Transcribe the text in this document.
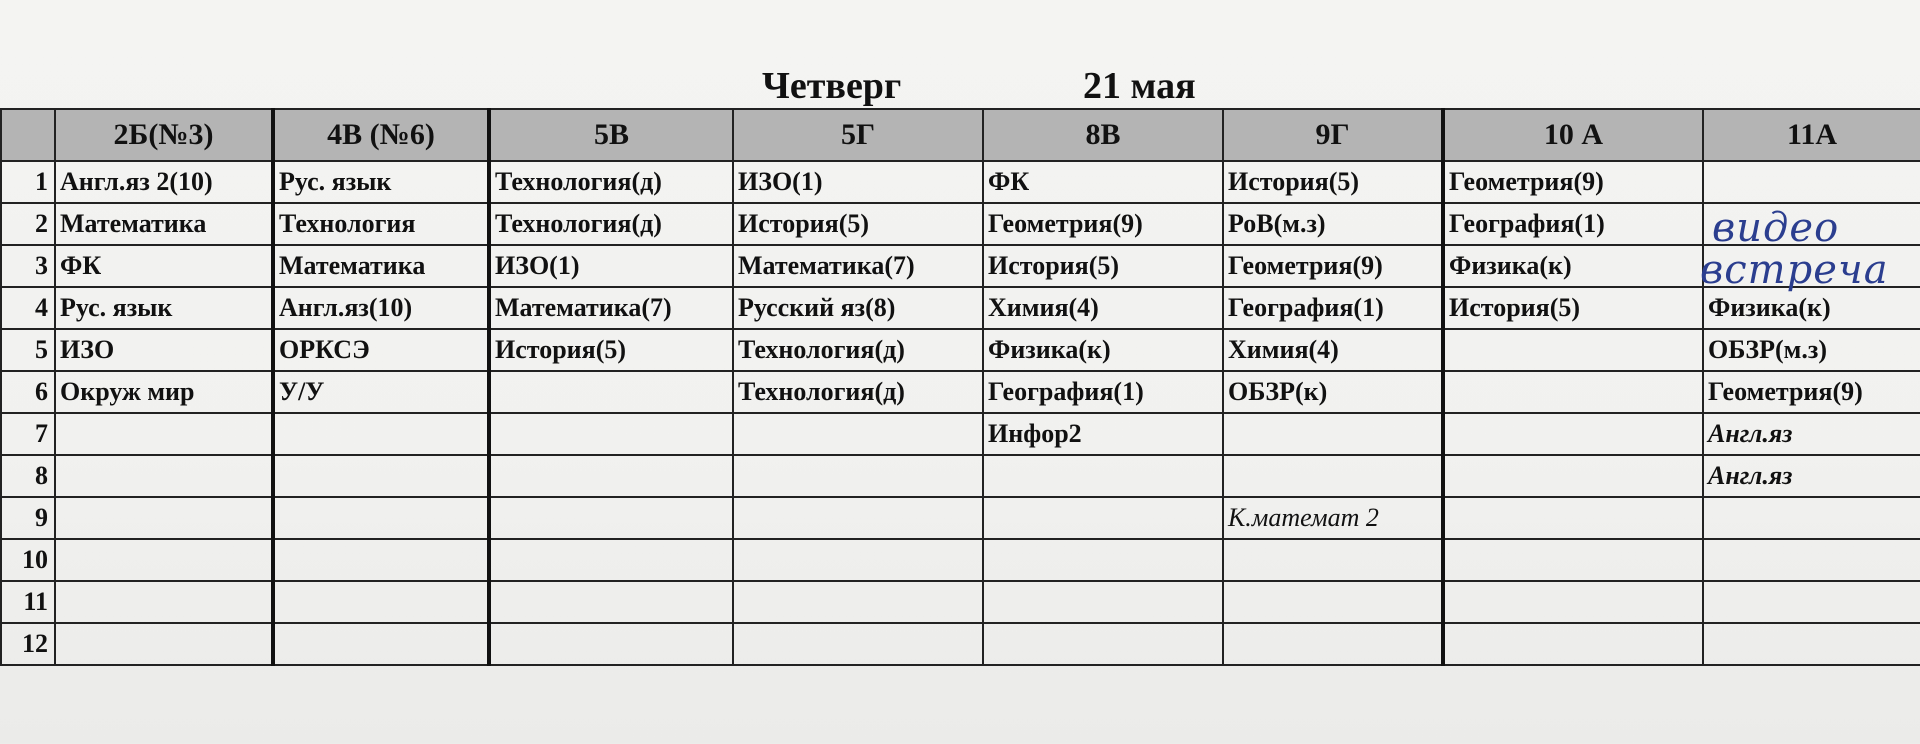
Четверг	21 мая
	2Б(№3)	4В (№6)	5В	5Г	8В	9Г	10 А	11А
1	Англ.яз 2(10)	Рус. язык	Технология(д)	ИЗО(1)	ФК	История(5)	Геометрия(9)	
2	Математика	Технология	Технология(д)	История(5)	Геометрия(9)	РоВ(м.з)	География(1)	
3	ФК	Математика	ИЗО(1)	Математика(7)	История(5)	Геометрия(9)	Физика(к)	
4	Рус. язык	Англ.яз(10)	Математика(7)	Русский яз(8)	Химия(4)	География(1)	История(5)	Физика(к)
5	ИЗО	ОРКСЭ	История(5)	Технология(д)	Физика(к)	Химия(4)		ОБЗР(м.з)
6	Окруж мир	У/У		Технология(д)	География(1)	ОБЗР(к)		Геометрия(9)
7					Инфор2			Англ.яз
8								Англ.яз
9						К.математ 2		
10								
11								
12								
видео
встреча
